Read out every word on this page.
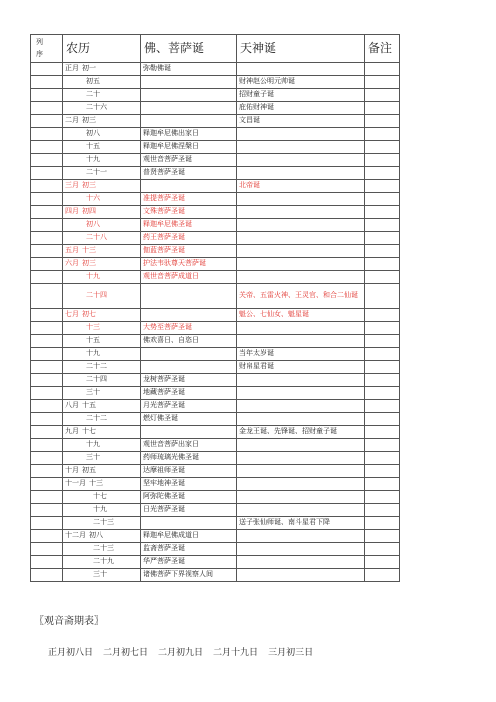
列 序	农历	佛、菩萨诞	天神诞	备注
	正月 初一	弥勒佛诞		
	初五		财神赵公明元帅诞	
	二十		招财童子诞	
	二十六		庇佑财神诞	
	二月 初三		文昌诞	
	初八	释迦牟尼佛出家日		
	十五	释迦牟尼佛涅槃日		
	十九	观世音菩萨圣诞		
	二十一	普贤菩萨圣诞		
	三月 初三		北帝诞	
	十六	准提菩萨圣诞		
	四月 初四	文殊菩萨圣诞		
	初八	释迦牟尼佛圣诞		
	二十八	药王菩萨圣诞		
	五月 十三	伽蓝菩萨圣诞		
	六月 初三	护法韦驮尊天菩萨诞		
	十九	观世音菩萨成道日		
	二十四		关帝、五雷火神、王灵官、和合二仙诞	
	七月 初七		魁公、七仙女、魁星诞	
	十三	大势至菩萨圣诞		
	十五	佛欢喜日、自恣日		
	十九		当年太岁诞	
	二十二		财帛星君诞	
	二十四	龙树菩萨圣诞		
	三十	地藏菩萨圣诞		
	八月 十五	月光菩萨圣诞		
	二十二	燃灯佛圣诞		
	九月 十七		金龙王诞、先锋诞、招财童子诞	
	十九	观世音菩萨出家日		
	三十	药师琉璃光佛圣诞		
	十月 初五	达摩祖师圣诞		
	十一月 十三	坚牢地神圣诞		
	十七	阿弥陀佛圣诞		
	十九	日光菩萨圣诞		
	二十三		送子张仙师诞、南斗星君下降	
	十二月 初八	释迦牟尼佛成道日		
	二十三	监斋菩萨圣诞		
	二十九	华严菩萨圣诞		
	三十	诸佛菩萨下界视察人间		
〖观音斋期表〗
正月初八日 二月初七日 二月初九日 二月十九日 三月初三日
